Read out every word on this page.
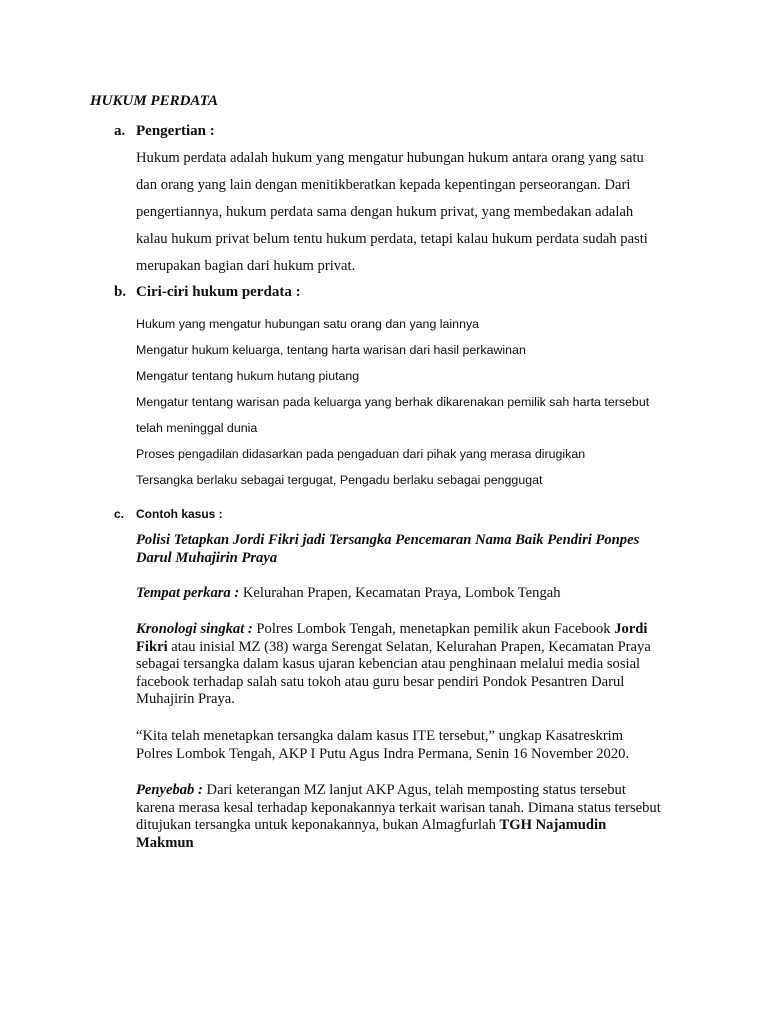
HUKUM PERDATA
a. Pengertian :
Hukum perdata adalah hukum yang mengatur hubungan hukum antara orang yang satu
dan orang yang lain dengan menitikberatkan kepada kepentingan perseorangan. Dari
pengertiannya, hukum perdata sama dengan hukum privat, yang membedakan adalah
kalau hukum privat belum tentu hukum perdata, tetapi kalau hukum perdata sudah pasti
merupakan bagian dari hukum privat.
b. Ciri-ciri hukum perdata :
Hukum yang mengatur hubungan satu orang dan yang lainnya
Mengatur hukum keluarga, tentang harta warisan dari hasil perkawinan
Mengatur tentang hukum hutang piutang
Mengatur tentang warisan pada keluarga yang berhak dikarenakan pemilik sah harta tersebut
telah meninggal dunia
Proses pengadilan didasarkan pada pengaduan dari pihak yang merasa dirugikan
Tersangka berlaku sebagai tergugat, Pengadu berlaku sebagai penggugat
c. Contoh kasus :
Polisi Tetapkan Jordi Fikri jadi Tersangka Pencemaran Nama Baik Pendiri Ponpes
Darul Muhajirin Praya
Tempat perkara : Kelurahan Prapen, Kecamatan Praya, Lombok Tengah
Kronologi singkat : Polres Lombok Tengah, menetapkan pemilik akun Facebook Jordi
Fikri atau inisial MZ (38) warga Serengat Selatan, Kelurahan Prapen, Kecamatan Praya
sebagai tersangka dalam kasus ujaran kebencian atau penghinaan melalui media sosial
facebook terhadap salah satu tokoh atau guru besar pendiri Pondok Pesantren Darul
Muhajirin Praya.
“Kita telah menetapkan tersangka dalam kasus ITE tersebut,” ungkap Kasatreskrim
Polres Lombok Tengah, AKP I Putu Agus Indra Permana, Senin 16 November 2020.
Penyebab : Dari keterangan MZ lanjut AKP Agus, telah memposting status tersebut
karena merasa kesal terhadap keponakannya terkait warisan tanah. Dimana status tersebut
ditujukan tersangka untuk keponakannya, bukan Almagfurlah TGH Najamudin
Makmun
